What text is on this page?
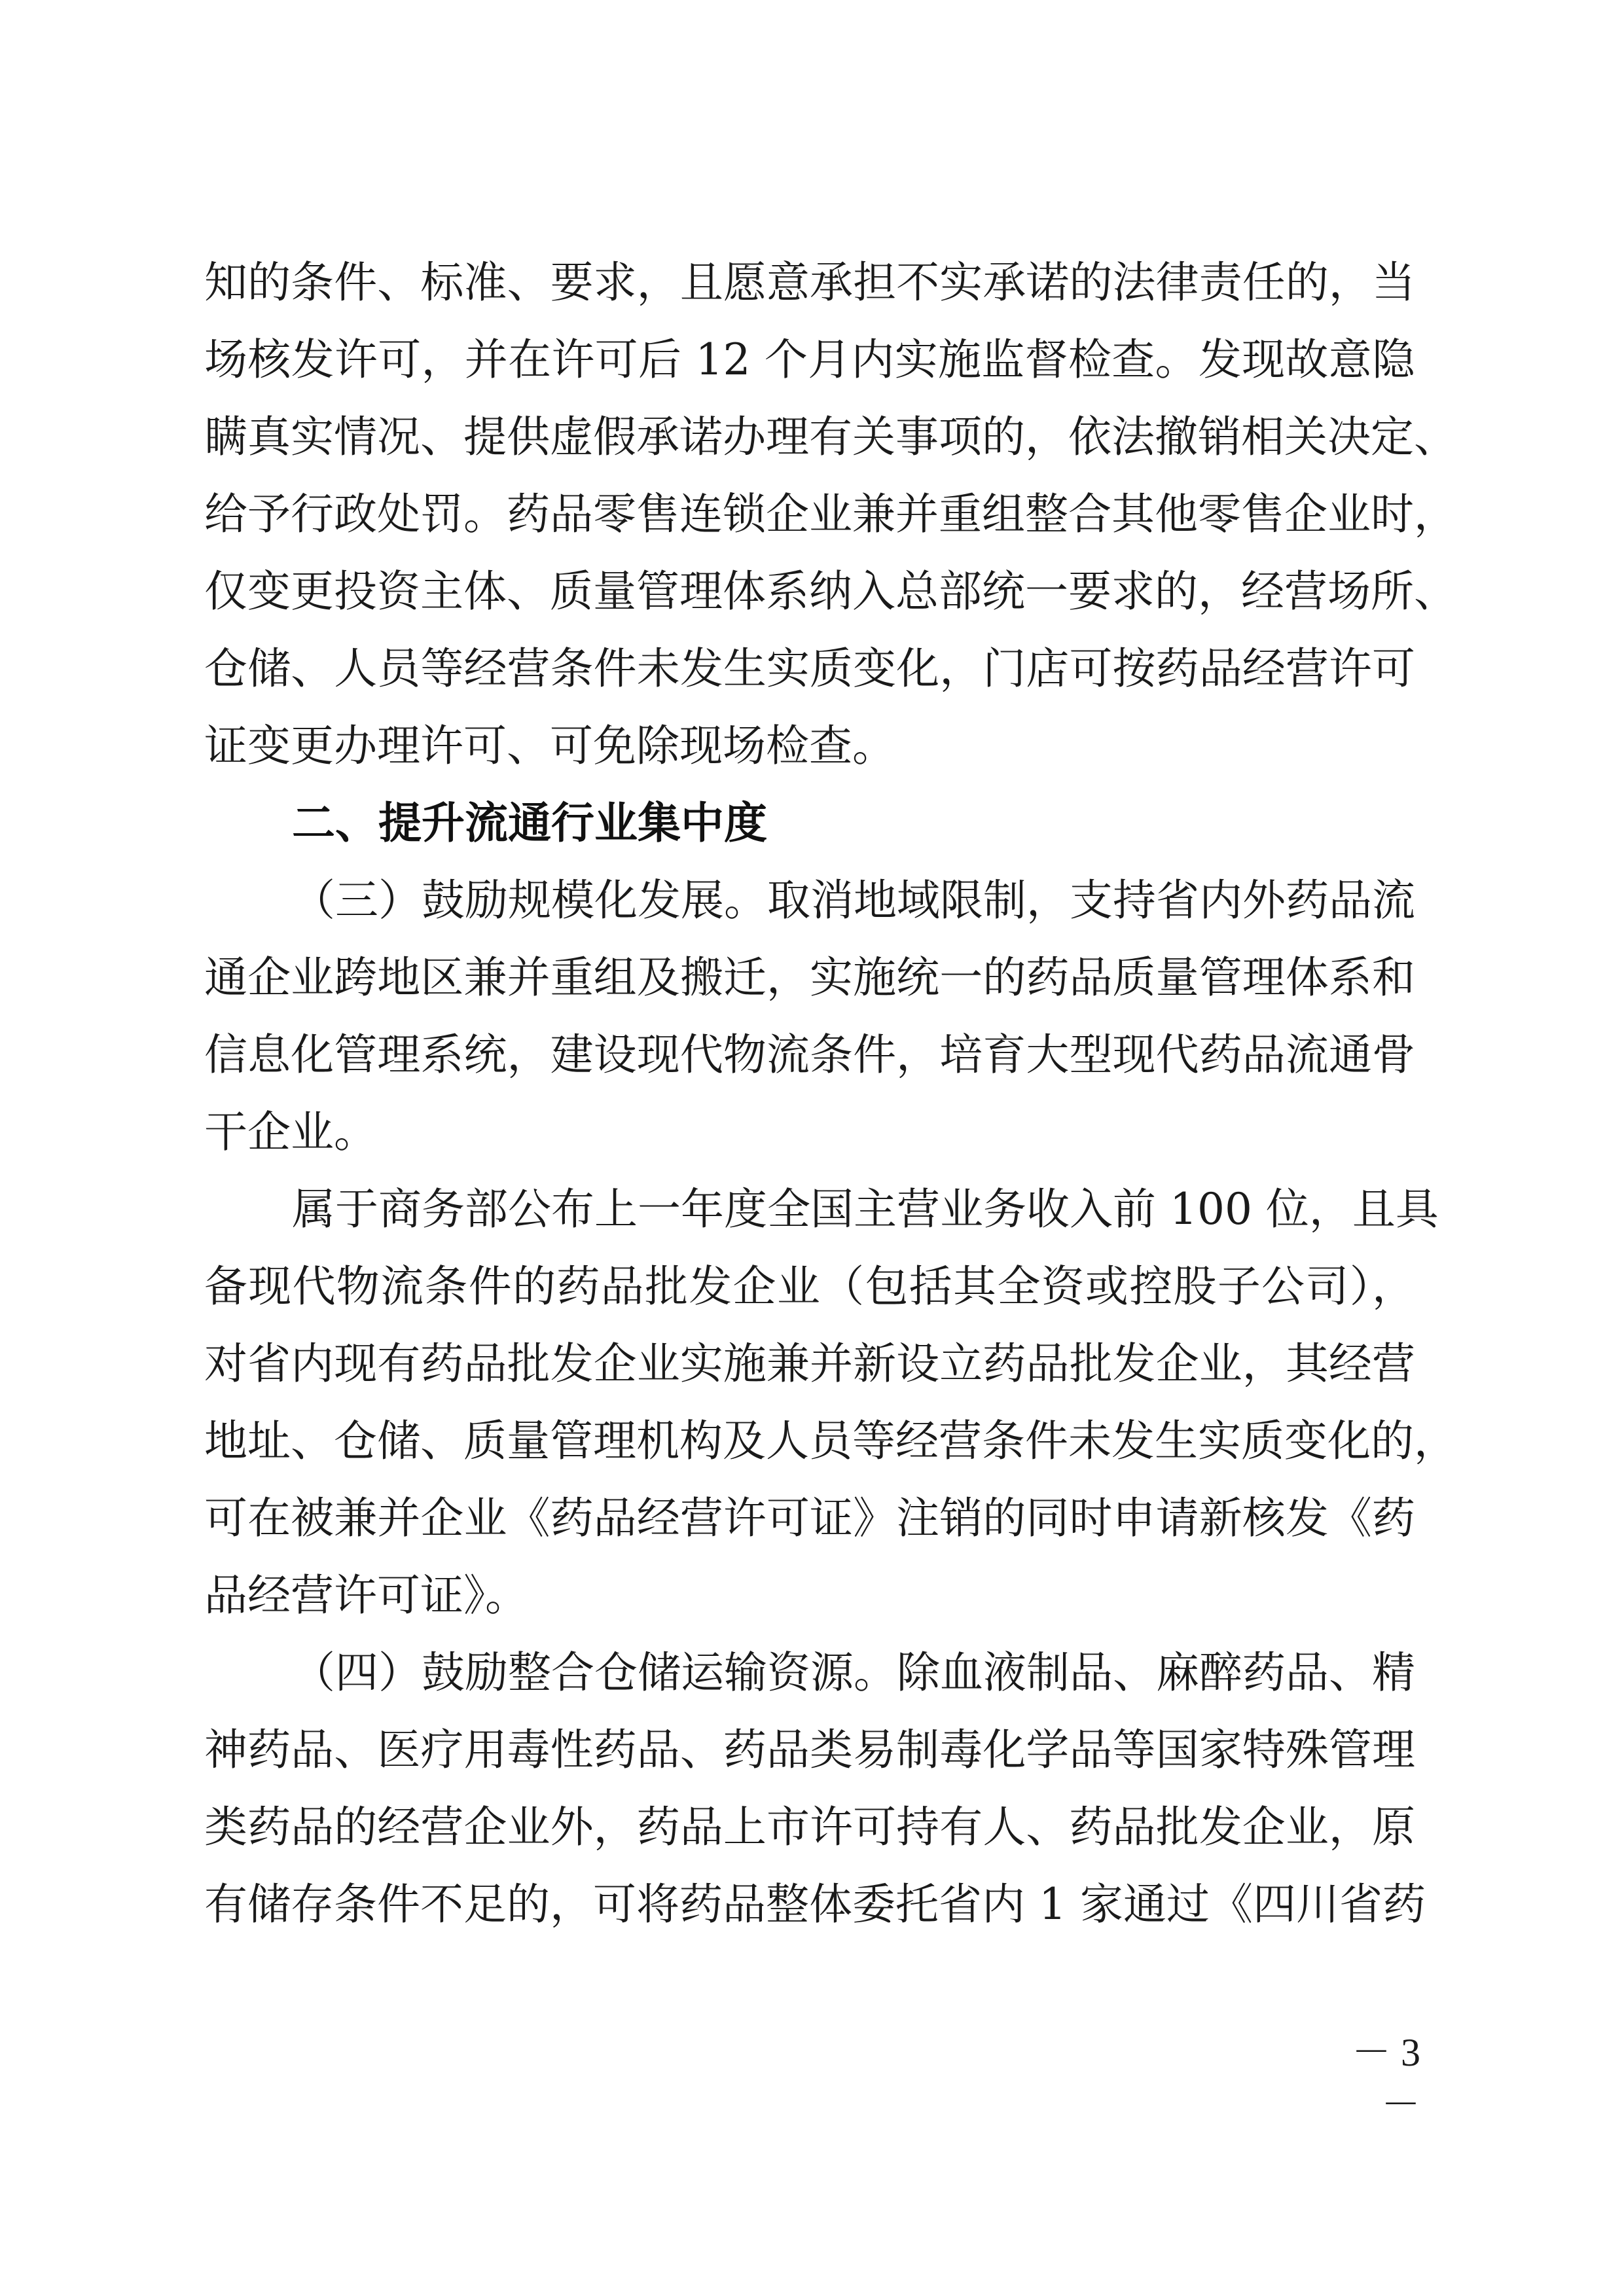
知的条件、标准、要求，且愿意承担不实承诺的法律责任的，当
场核发许可，并在许可后 12 个月内实施监督检查。发现故意隐
瞒真实情况、提供虚假承诺办理有关事项的，依法撤销相关决定、
给予行政处罚。药品零售连锁企业兼并重组整合其他零售企业时，
仅变更投资主体、质量管理体系纳入总部统一要求的，经营场所、
仓储、人员等经营条件未发生实质变化，门店可按药品经营许可
证变更办理许可、可免除现场检查。
二、提升流通行业集中度
（三）鼓励规模化发展。取消地域限制，支持省内外药品流
通企业跨地区兼并重组及搬迁，实施统一的药品质量管理体系和
信息化管理系统，建设现代物流条件，培育大型现代药品流通骨
干企业。
属于商务部公布上一年度全国主营业务收入前 100 位，且具
备现代物流条件的药品批发企业（包括其全资或控股子公司），
对省内现有药品批发企业实施兼并新设立药品批发企业，其经营
地址、仓储、质量管理机构及人员等经营条件未发生实质变化的，
可在被兼并企业《药品经营许可证》注销的同时申请新核发《药
品经营许可证》。
（四）鼓励整合仓储运输资源。除血液制品、麻醉药品、精
神药品、医疗用毒性药品、药品类易制毒化学品等国家特殊管理
类药品的经营企业外，药品上市许可持有人、药品批发企业，原
有储存条件不足的，可将药品整体委托省内 1 家通过《四川省药
－ 3 －
